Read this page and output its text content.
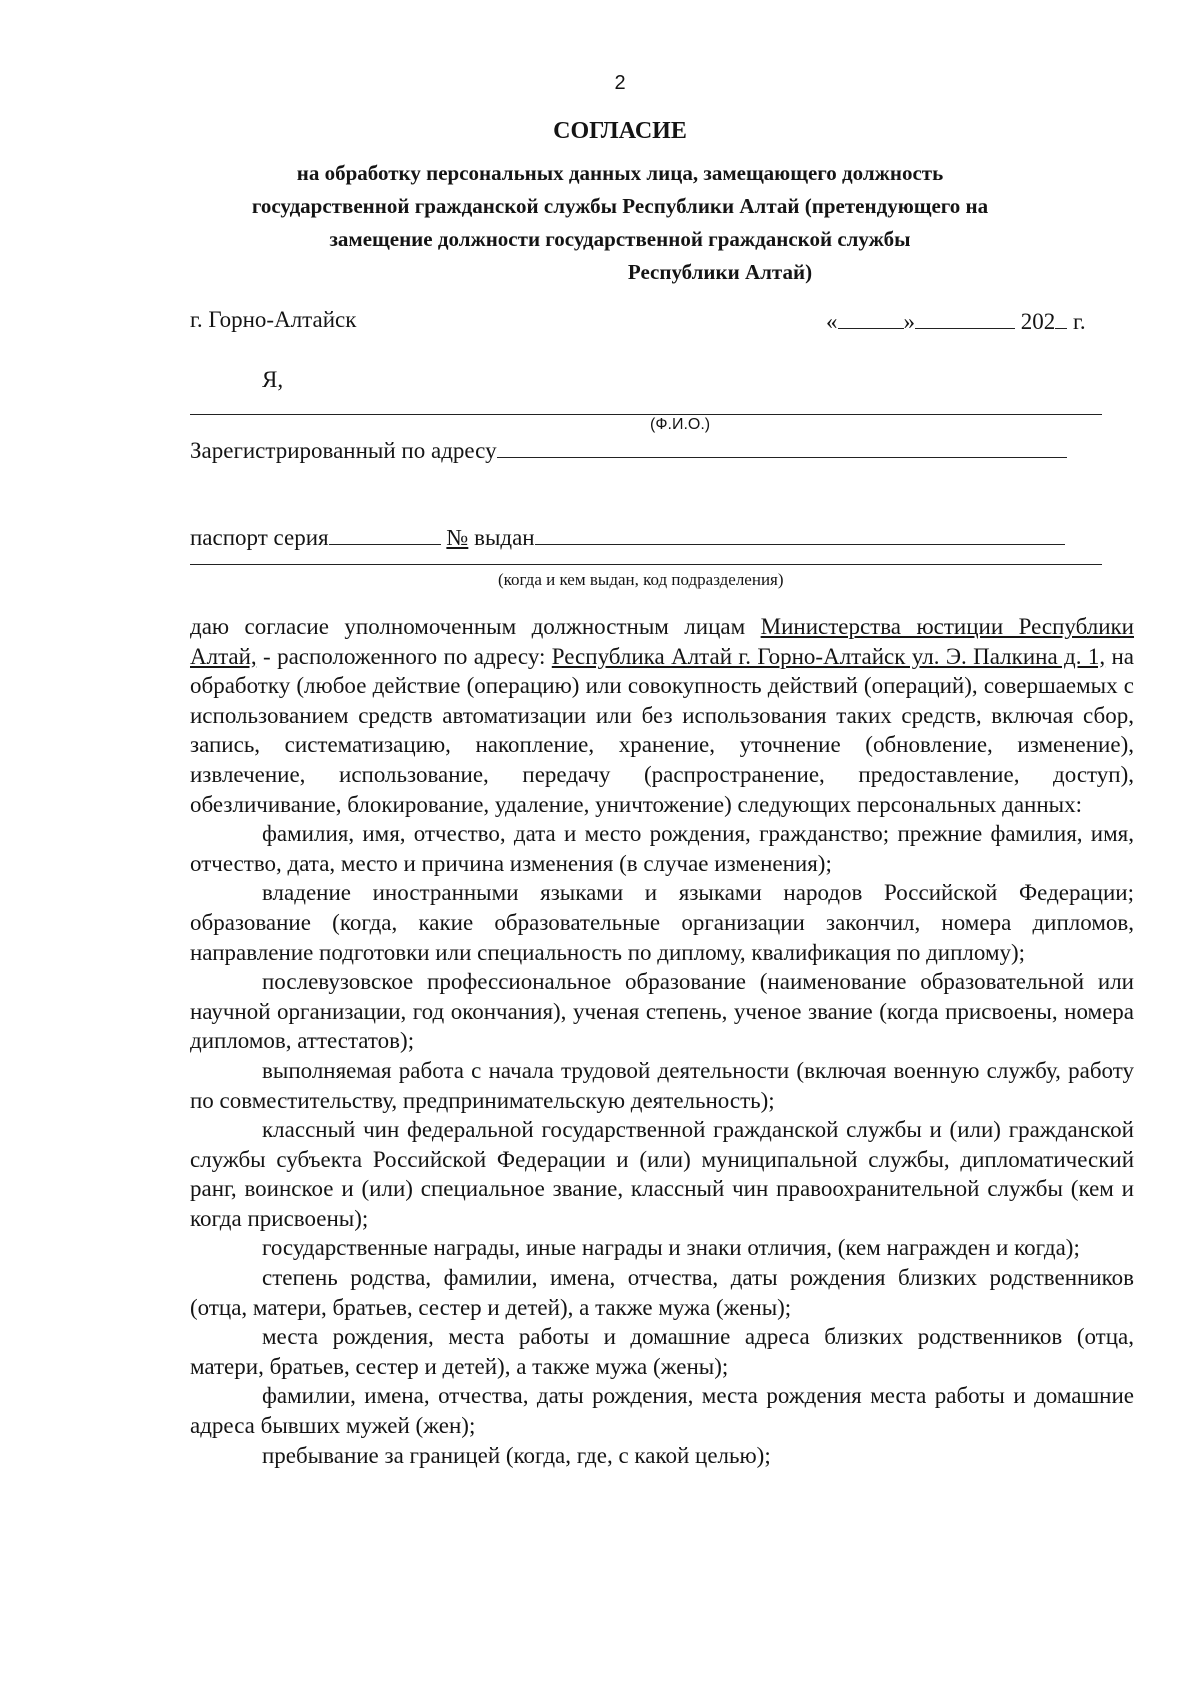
2
СОГЛАСИЕ
на обработку персональных данных лица, замещающего должность
государственной гражданской службы Республики Алтай (претендующего на
замещение должности государственной гражданской службы
Республики Алтай)
г. Горно-Алтайск	«	»	202 г.
Я,
(Ф.И.О.)
Зарегистрированный по адресу
паспорт серия	№ выдан
(когда и кем выдан, код подразделения)

даю согласие уполномоченным должностным лицам Министерства юстиции Республики Алтай, - расположенного по адресу: Республика Алтай г. Горно-Алтайск ул. Э. Палкина д. 1, на обработку (любое действие (операцию) или совокупность действий (операций), совершаемых с использованием средств автоматизации или без использования таких средств, включая сбор, запись, систематизацию, накопление, хранение, уточнение (обновление, изменение), извлечение, использование, передачу (распространение, предоставление, доступ), обезличивание, блокирование, удаление, уничтожение) следующих персональных данных:

фамилия, имя, отчество, дата и место рождения, гражданство; прежние фамилия, имя, отчество, дата, место и причина изменения (в случае изменения);

владение иностранными языками и языками народов Российской Федерации; образование (когда, какие образовательные организации закончил, номера дипломов, направление подготовки или специальность по диплому, квалификация по диплому);

послевузовское профессиональное образование (наименование образовательной или научной организации, год окончания), ученая степень, ученое звание (когда присвоены, номера дипломов, аттестатов);

выполняемая работа с начала трудовой деятельности (включая военную службу, работу по совместительству, предпринимательскую деятельность);

классный чин федеральной государственной гражданской службы и (или) гражданской службы субъекта Российской Федерации и (или) муниципальной службы, дипломатический ранг, воинское и (или) специальное звание, классный чин правоохранительной службы (кем и когда присвоены);

государственные награды, иные награды и знаки отличия, (кем награжден и когда);

степень родства, фамилии, имена, отчества, даты рождения близких родственников (отца, матери, братьев, сестер и детей), а также мужа (жены);

места рождения, места работы и домашние адреса близких родственников (отца, матери, братьев, сестер и детей), а также мужа (жены);

фамилии, имена, отчества, даты рождения, места рождения места работы и домашние адреса бывших мужей (жен);

пребывание за границей (когда, где, с какой целью);
